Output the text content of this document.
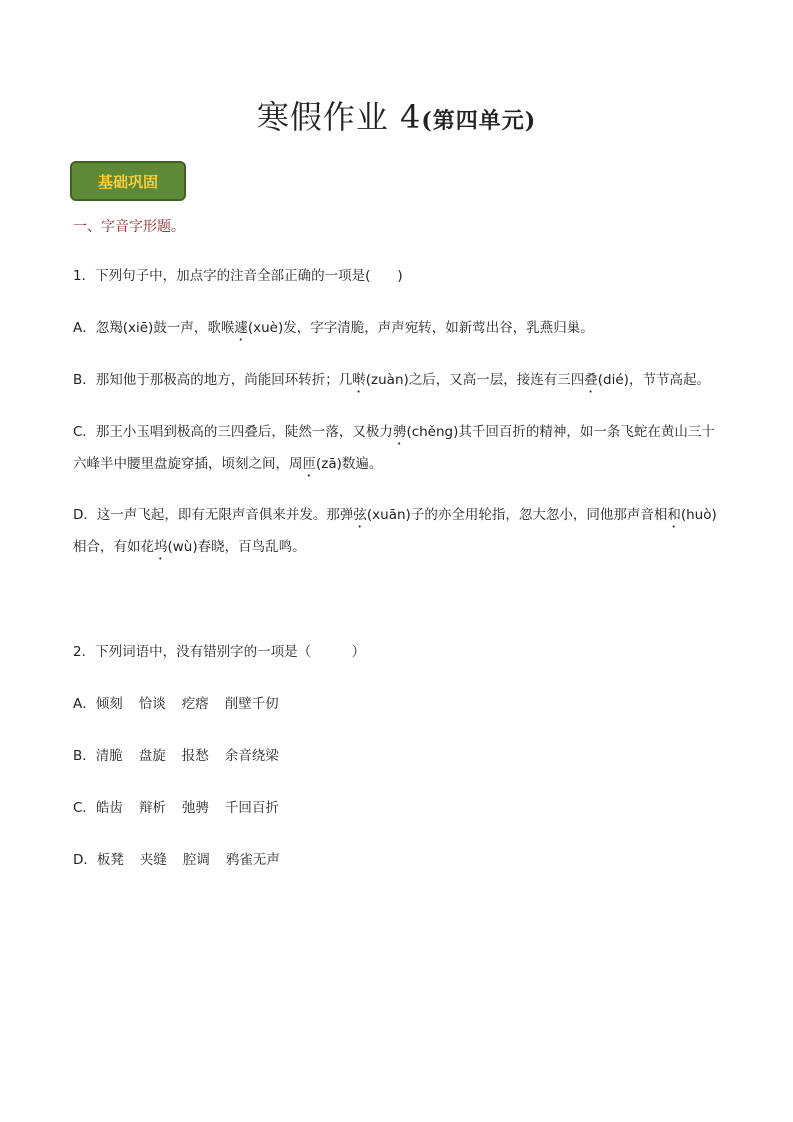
寒假作业 4(第四单元)
基础巩固
一、字音字形题。
1．下列句子中，加点字的注音全部正确的一项是(　　)
A．忽羯(xiē)鼓一声，歌喉遽(xuè)发，字字清脆，声声宛转，如新莺出谷，乳燕归巢。
B．那知他于那极高的地方，尚能回环转折；几啭(zuàn)之后，又高一层，接连有三四叠(dié)，节节高起。
C．那王小玉唱到极高的三四叠后，陡然一落，又极力骋(chěng)其千回百折的精神，如一条飞蛇在黄山三十
六峰半中腰里盘旋穿插，顷刻之间，周匝(zā)数遍。
D．这一声飞起，即有无限声音俱来并发。那弹弦(xuān)子的亦全用轮指，忽大忽小，同他那声音相和(huò)
相合，有如花坞(wù)春晓，百鸟乱鸣。
2．下列词语中，没有错别字的一项是（　　　）
A．倾刻 恰谈 疙瘩 削壁千仞
B．清脆 盘旋 报愁 余音绕梁
C．皓齿 辩析 弛骋 千回百折
D．板凳 夹缝 腔调 鸦雀无声
